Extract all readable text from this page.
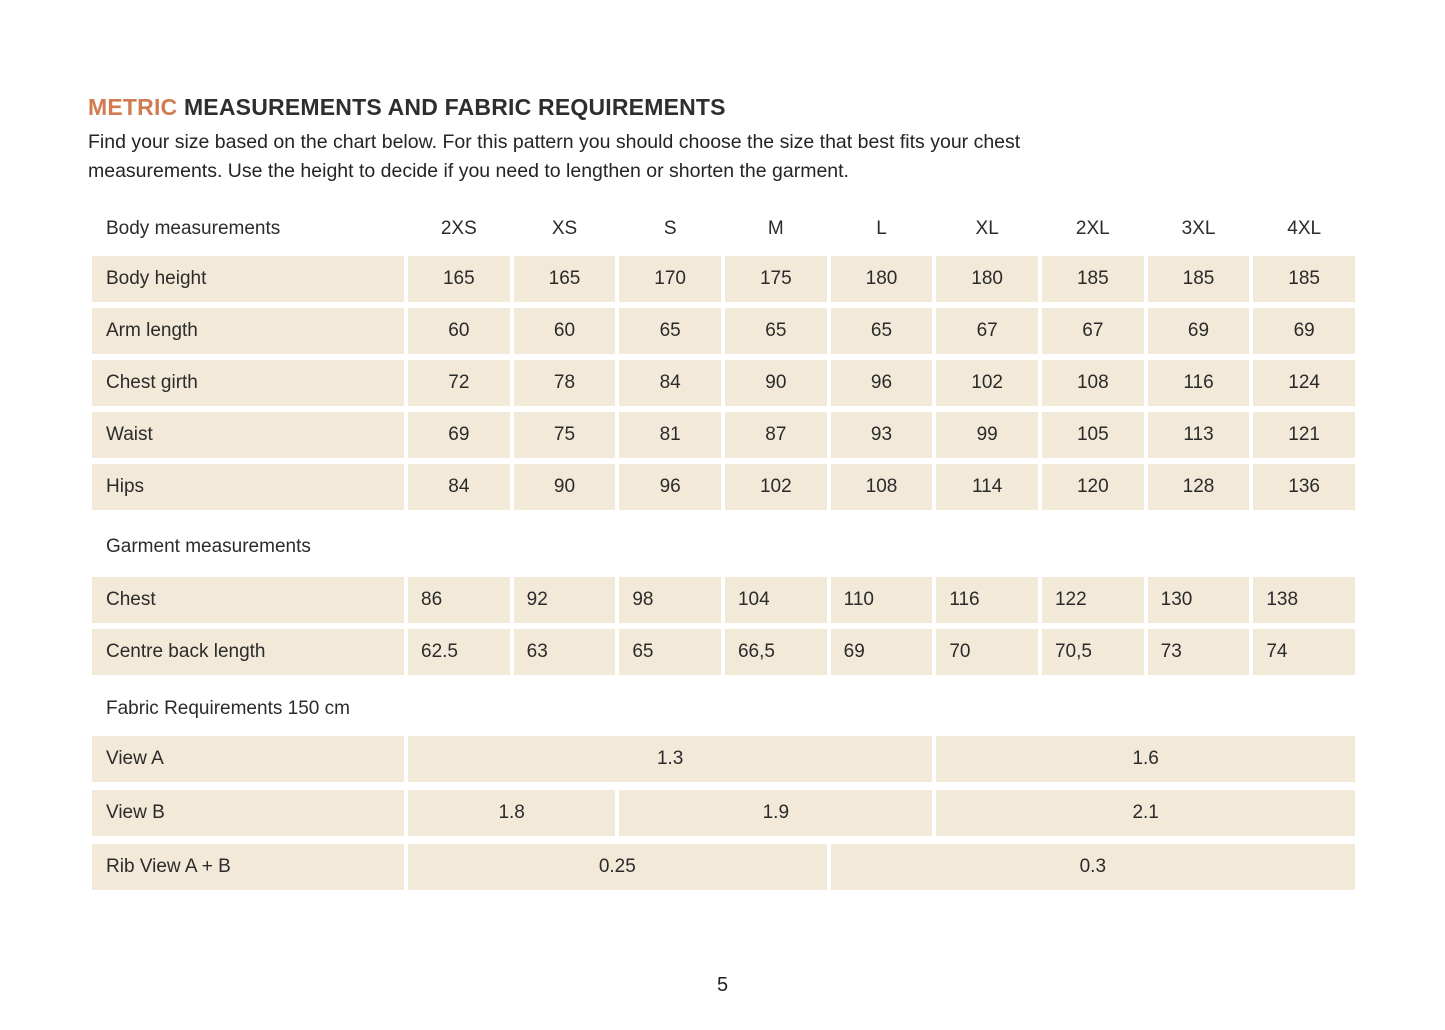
METRIC MEASUREMENTS AND FABRIC REQUIREMENTS

Find your size based on the chart below. For this pattern you should choose the size that best fits your chest
measurements. Use the height to decide if you need to lengthen or shorten the garment.

Body measurements	2XS	XS	S	M	L	XL	2XL	3XL	4XL
Body height	165	165	170	175	180	180	185	185	185
Arm length	60	60	65	65	65	67	67	69	69
Chest girth	72	78	84	90	96	102	108	116	124
Waist	69	75	81	87	93	99	105	113	121
Hips	84	90	96	102	108	114	120	128	136
Garment measurements
Chest	86	92	98	104	110	116	122	130	138
Centre back length	62.5	63	65	66,5	69	70	70,5	73	74
Fabric Requirements 150 cm
View A	1.3	1.6
View B	1.8	1.9	2.1
Rib View A + B	0.25	0.3
5
